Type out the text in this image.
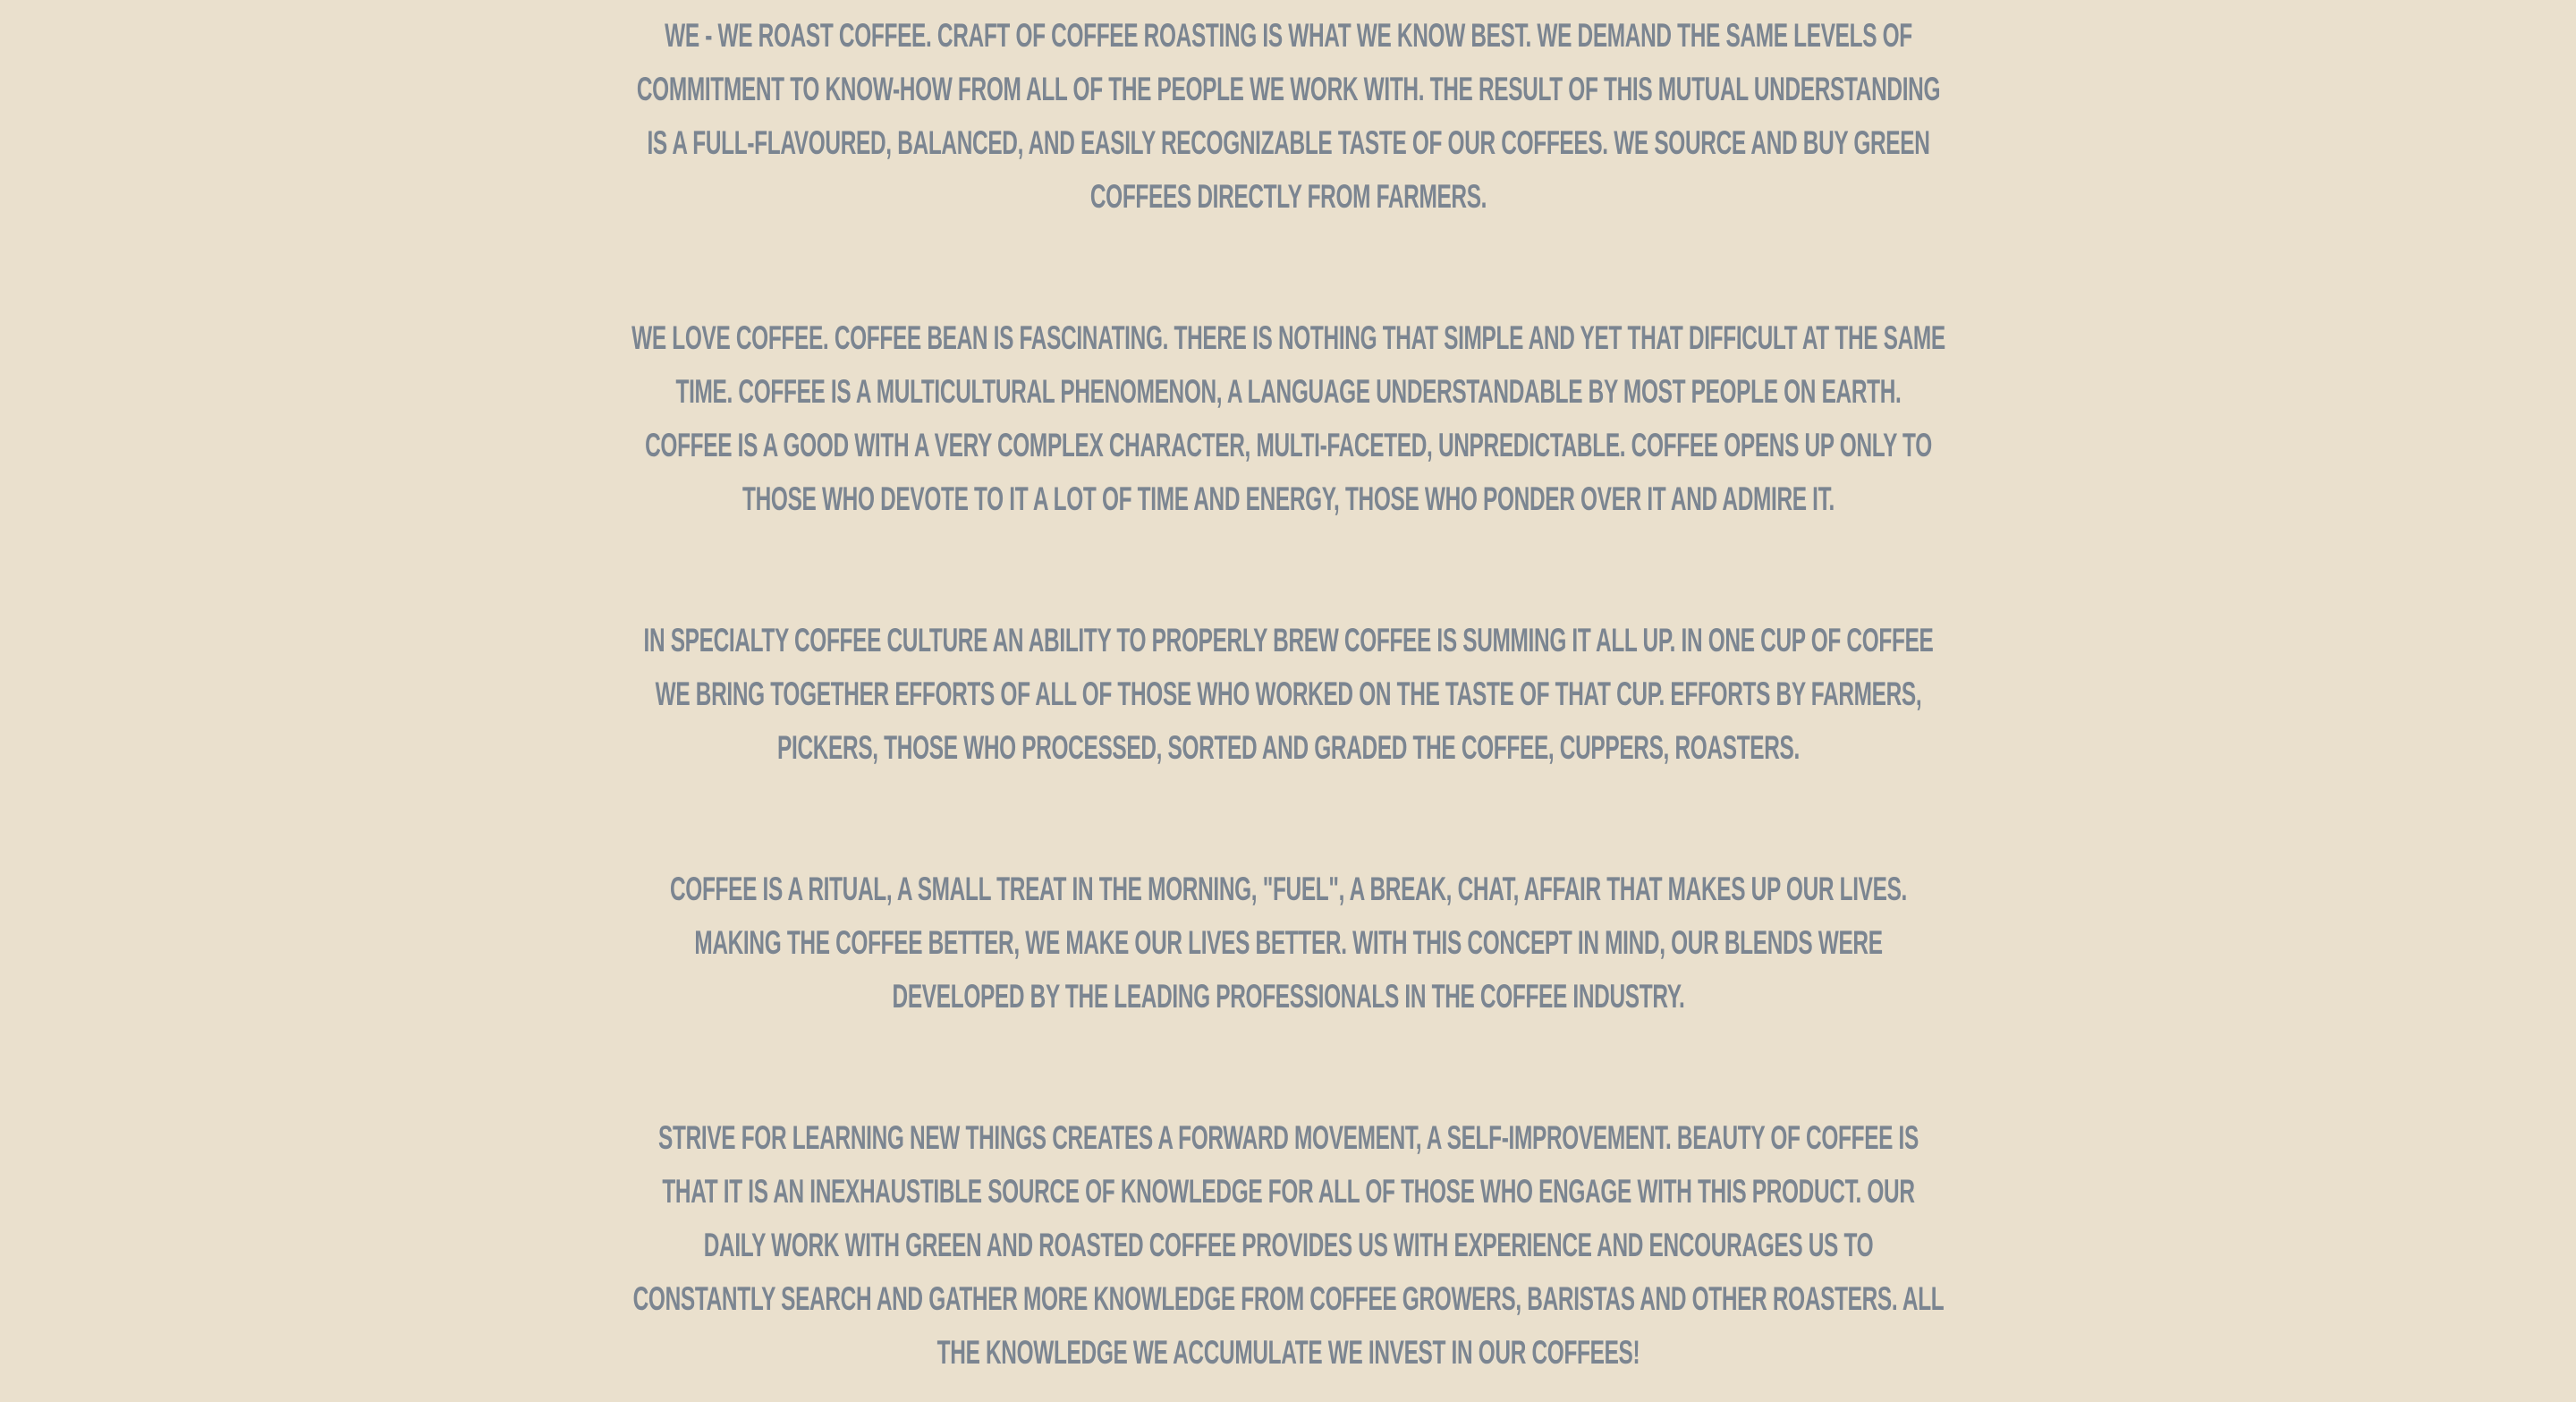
WE - WE ROAST COFFEE. CRAFT OF COFFEE ROASTING IS WHAT WE KNOW BEST. WE DEMAND THE SAME LEVELS OF COMMITMENT TO KNOW-HOW FROM ALL OF THE PEOPLE WE WORK WITH. THE RESULT OF THIS MUTUAL UNDERSTANDING IS A FULL-FLAVOURED, BALANCED, AND EASILY RECOGNIZABLE TASTE OF OUR COFFEES. WE SOURCE AND BUY GREEN COFFEES DIRECTLY FROM FARMERS.

WE LOVE COFFEE. COFFEE BEAN IS FASCINATING. THERE IS NOTHING THAT SIMPLE AND YET THAT DIFFICULT AT THE SAME TIME. COFFEE IS A MULTICULTURAL PHENOMENON, A LANGUAGE UNDERSTANDABLE BY MOST PEOPLE ON EARTH. COFFEE IS A GOOD WITH A VERY COMPLEX CHARACTER, MULTI-FACETED, UNPREDICTABLE. COFFEE OPENS UP ONLY TO THOSE WHO DEVOTE TO IT A LOT OF TIME AND ENERGY, THOSE WHO PONDER OVER IT AND ADMIRE IT.

IN SPECIALTY COFFEE CULTURE AN ABILITY TO PROPERLY BREW COFFEE IS SUMMING IT ALL UP. IN ONE CUP OF COFFEE WE BRING TOGETHER EFFORTS OF ALL OF THOSE WHO WORKED ON THE TASTE OF THAT CUP. EFFORTS BY FARMERS, PICKERS, THOSE WHO PROCESSED, SORTED AND GRADED THE COFFEE, CUPPERS, ROASTERS.

COFFEE IS A RITUAL, A SMALL TREAT IN THE MORNING, "FUEL", A BREAK, CHAT, AFFAIR THAT MAKES UP OUR LIVES. MAKING THE COFFEE BETTER, WE MAKE OUR LIVES BETTER. WITH THIS CONCEPT IN MIND, OUR BLENDS WERE DEVELOPED BY THE LEADING PROFESSIONALS IN THE COFFEE INDUSTRY.

STRIVE FOR LEARNING NEW THINGS CREATES A FORWARD MOVEMENT, A SELF-IMPROVEMENT. BEAUTY OF COFFEE IS THAT IT IS AN INEXHAUSTIBLE SOURCE OF KNOWLEDGE FOR ALL OF THOSE WHO ENGAGE WITH THIS PRODUCT. OUR DAILY WORK WITH GREEN AND ROASTED COFFEE PROVIDES US WITH EXPERIENCE AND ENCOURAGES US TO CONSTANTLY SEARCH AND GATHER MORE KNOWLEDGE FROM COFFEE GROWERS, BARISTAS AND OTHER ROASTERS. ALL THE KNOWLEDGE WE ACCUMULATE WE INVEST IN OUR COFFEES!
